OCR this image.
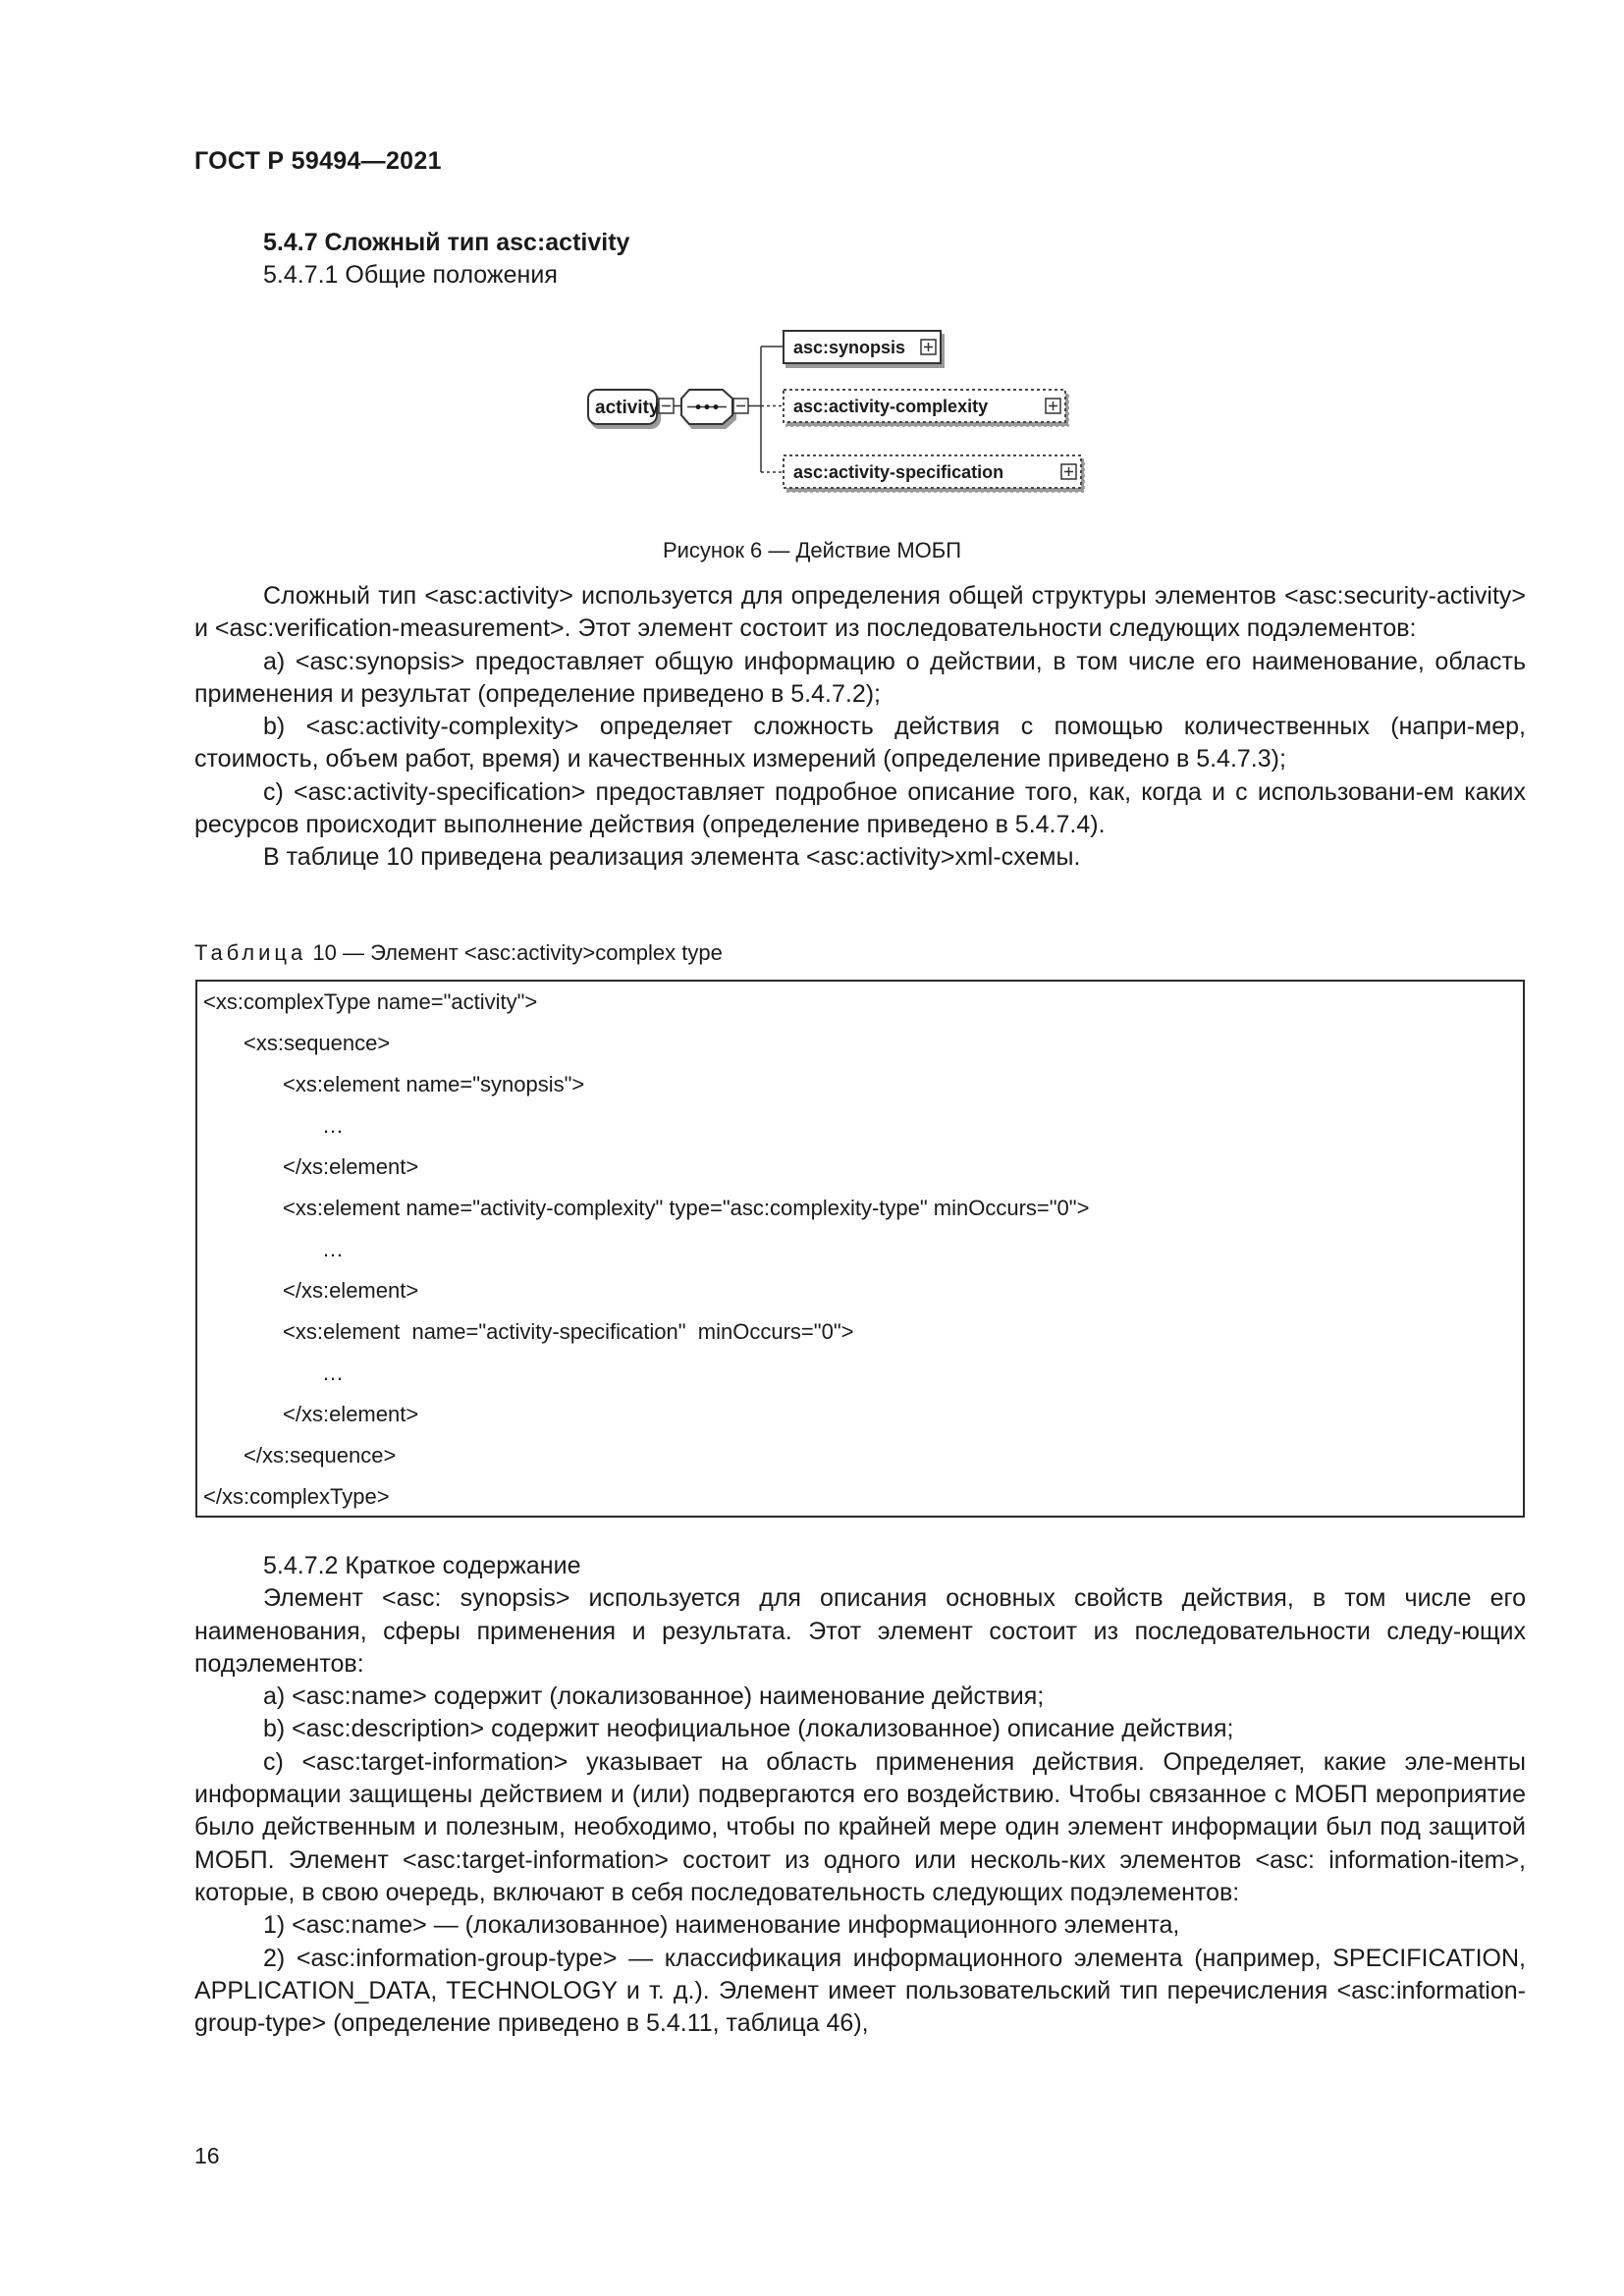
ГОСТ Р 59494—2021
5.4.7 Сложный тип asc:activity
5.4.7.1 Общие положения
activity	•••
asc:synopsis
asc:activity-complexity
asc:activity-specification
Рисунок 6 — Действие МОБП

Сложный тип <asc:activity> используется для определения общей структуры элементов <asc:security-activity> и <asc:verification-measurement>. Этот элемент состоит из последовательности следующих подэлементов:

a) <asc:synopsis> предоставляет общую информацию о действии, в том числе его наименование, область применения и результат (определение приведено в 5.4.7.2);

b) <asc:activity-complexity> определяет сложность действия с помощью количественных (напри-мер, стоимость, объем работ, время) и качественных измерений (определение приведено в 5.4.7.3);

c) <asc:activity-specification> предоставляет подробное описание того, как, когда и с использовани-ем каких ресурсов происходит выполнение действия (определение приведено в 5.4.7.4).

В таблице 10 приведена реализация элемента <asc:activity>xml-схемы.

Таблица 10 — Элемент <asc:activity>complex type
<xs:complexType name="activity">
<xs:sequence>
<xs:element name="synopsis">
…
</xs:element>
<xs:element name="activity-complexity" type="asc:complexity-type" minOccurs="0">
…
</xs:element>
<xs:element  name="activity-specification"  minOccurs="0">
…
</xs:element>
</xs:sequence>
</xs:complexType>

5.4.7.2 Краткое содержание

Элемент <asc: synopsis> используется для описания основных свойств действия, в том числе его наименования, сферы применения и результата. Этот элемент состоит из последовательности следу-ющих подэлементов:

a) <asc:name> содержит (локализованное) наименование действия;

b) <asc:description> содержит неофициальное (локализованное) описание действия;

c) <asc:target-information> указывает на область применения действия. Определяет, какие эле-менты информации защищены действием и (или) подвергаются его воздействию. Чтобы связанное с МОБП мероприятие было действенным и полезным, необходимо, чтобы по крайней мере один элемент информации был под защитой МОБП. Элемент <asc:target-information> состоит из одного или несколь-ких элементов <asc: information-item>, которые, в свою очередь, включают в себя последовательность следующих подэлементов:

1) <asc:name> — (локализованное) наименование информационного элемента,

2) <asc:information-group-type> — классификация информационного элемента (например, SPECIFICATION, APPLICATION_DATA, TECHNOLOGY и т. д.). Элемент имеет пользовательский тип перечисления <asc:information-group-type> (определение приведено в 5.4.11, таблица 46),

16
